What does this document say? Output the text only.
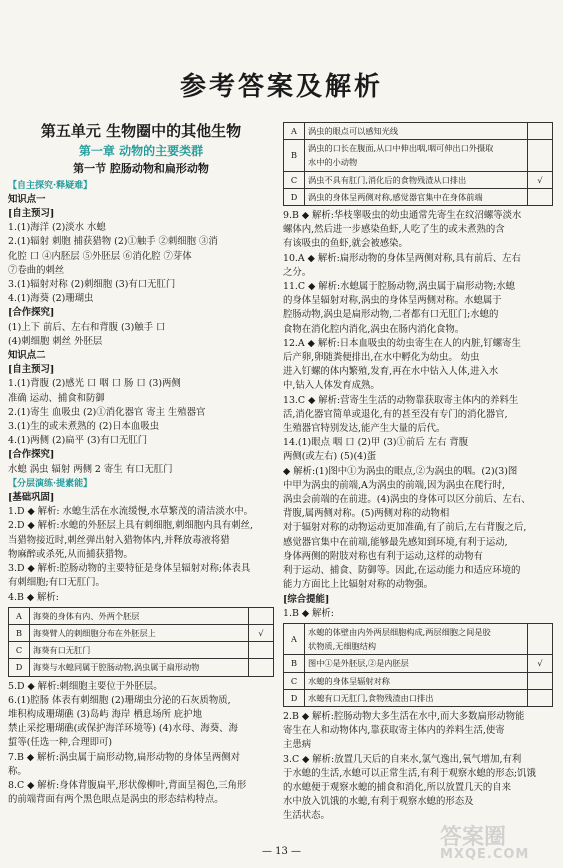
参考答案及解析
第五单元 生物圈中的其他生物
第一章 动物的主要类群
第一节 腔肠动物和扁形动物
【自主探究·释疑难】
知识点一
[自主预习]
1.(1)海洋 (2)淡水 水螅
2.(1)辐射 刺胞 捕获猎物 (2)①触手 ②刺细胞 ③消
化腔 口 ④内胚层 ⑤外胚层 ⑥消化腔 ⑦芽体
⑦卷曲的刺丝
3.(1)辐射对称 (2)刺细胞 (3)有口无肛门
4.(1)海葵 (2)珊瑚虫
[合作探究]
(1)上下 前后、左右和背腹 (3)触手 口
(4)刺细胞 刺丝 外胚层
知识点二
[自主预习]
1.(1)背腹 (2)感光 口 咽 口 肠 口 (3)两侧
准确 运动、捕食和防御
2.(1)寄生 血吸虫 (2)①消化器官 寄主 生殖器官
3.(1)生的或未煮熟的 (2)日本血吸虫
4.(1)两侧 (2)扁平 (3)有口无肛门
[合作探究]
水螅 涡虫 辐射 两侧 2 寄生 有口无肛门
【分层演练·提素能】
[基础巩固]
1.D ◆ 解析: 水螅生活在水流缓慢,水草繁茂的清洁淡水中。
2.D ◆ 解析:水螅的外胚层上具有刺细胞,刺细胞内具有刺丝,
当猎物接近时,刺丝弹出射入猎物体内,并释放毒液将猎
物麻醉或杀死,从而捕获猎物。
3.D ◆ 解析:腔肠动物的主要特征是身体呈辐射对称;体表具
有刺细胞;有口无肛门。
4.B ◆ 解析:
A	海葵的身体有内、外两个胚层	
B	海葵臂人的刺细胞分布在外胚层上	√
C	海葵有口无肛门	
D	海葵与水螅同属于腔肠动物,涡虫属于扁形动物	
5.D ◆ 解析:刺细胞主要位于外胚层。
6.(1)腔肠 体表有刺细胞 (2)珊瑚虫分泌的石灰质物质,
堆积构成珊瑚礁 (3)岛屿 海岸 栖息场所 庇护地
禁止采挖珊瑚礁(或保护海洋环境等) (4)水母、海葵、海
蜇等(任选一种,合理即可)
7.B ◆ 解析:涡虫属于扁形动物,扁形动物的身体呈两侧对
称。
8.C ◆ 解析:身体背腹扁平,形状像柳叶,背面呈褐色,三角形
的前端背面有两个黑色眼点是涡虫的形态结构特点。
A	涡虫的眼点可以感知光线	
B	涡虫的口长在腹面,从口中伸出咽,咽可伸出口外摄取
水中的小动物	
C	涡虫不具有肛门,消化后的食物残渣从口排出	√
D	涡虫的身体呈两侧对称,感觉器官集中在身体前端	
9.B ◆ 解析:华枝睾吸虫的幼虫通常先寄生在纹沼螺等淡水
螺体内,然后进一步感染鱼虾,人吃了生的或未煮熟的含
有该吸虫的鱼虾,就会被感染。
10.A ◆ 解析:扁形动物的身体呈两侧对称,具有前后、左右
之分。
11.C ◆ 解析:水螅属于腔肠动物,涡虫属于扁形动物;水螅
的身体呈辐射对称,涡虫的身体呈两侧对称。水螅属于
腔肠动物,涡虫是扁形动物,二者都有口无肛门;水螅的
食物在消化腔内消化,涡虫在肠内消化食物。
12.A ◆ 解析:日本血吸虫的幼虫寄生在人的内脏,钉螺寄生
后产卵,卵随粪便排出,在水中孵化为幼虫。 幼虫
进入钉螺的体内繁殖,发育,再在水中钻入人体,进入水
中,钻入人体发育成熟。
13.C ◆ 解析:营寄生生活的动物靠获取寄主体内的养料生
活,消化器官简单或退化,有的甚至没有专门的消化器官,
生殖器官特别发达,能产生大量的后代。
14.(1)眼点 咽 口 (2)甲 (3)①前后 左右 背腹
两侧(或左右) (5)(4)蛋
◆ 解析:(1)图中①为涡虫的眼点,②为涡虫的咽。(2)(3)图
中甲为涡虫的前端,A为涡虫的前端,因为涡虫在爬行时,
涡虫会前端的在前进。(4)涡虫的身体可以区分前后、左右、
背腹,属两侧对称。(5)两侧对称的动物相
对于辐射对称的动物运动更加准确,有了前后,左右背腹之后,
感觉器官集中在前端,能够最先感知到环境,有利于运动,
身体两侧的附肢对称也有利于运动,这样的动物有
利于运动、捕食、防御等。因此,在运动能力和适应环境的
能力方面比上比辐射对称的动物强。
[综合提能]
1.B ◆ 解析:
A	水螅的体壁由内外两层细胞构成,两层细胞之间是胶
状物质,无细胞结构	
B	图中①是外胚层,②是内胚层	√
C	水螅的身体呈辐射对称	
D	水螅有口无肛门,食物残渣由口排出	
2.B ◆ 解析:腔肠动物大多生活在水中,而大多数扁形动物能
寄生在人和动物体内,靠获取寄主体内的养料生活,使寄
主患病
3.C ◆ 解析:放置几天后的自来水,氯气逸出,氧气增加,有利
于水螅的生活,水螅可以正常生活,有利于观察水螅的形态;饥饿
的水螅便于观察水螅的捕食和消化,所以放置几天的自来
水中放入饥饿的水螅,有利于观察水螅的形态及
生活状态。
— 13 —
答案圈
MXQE.COM
